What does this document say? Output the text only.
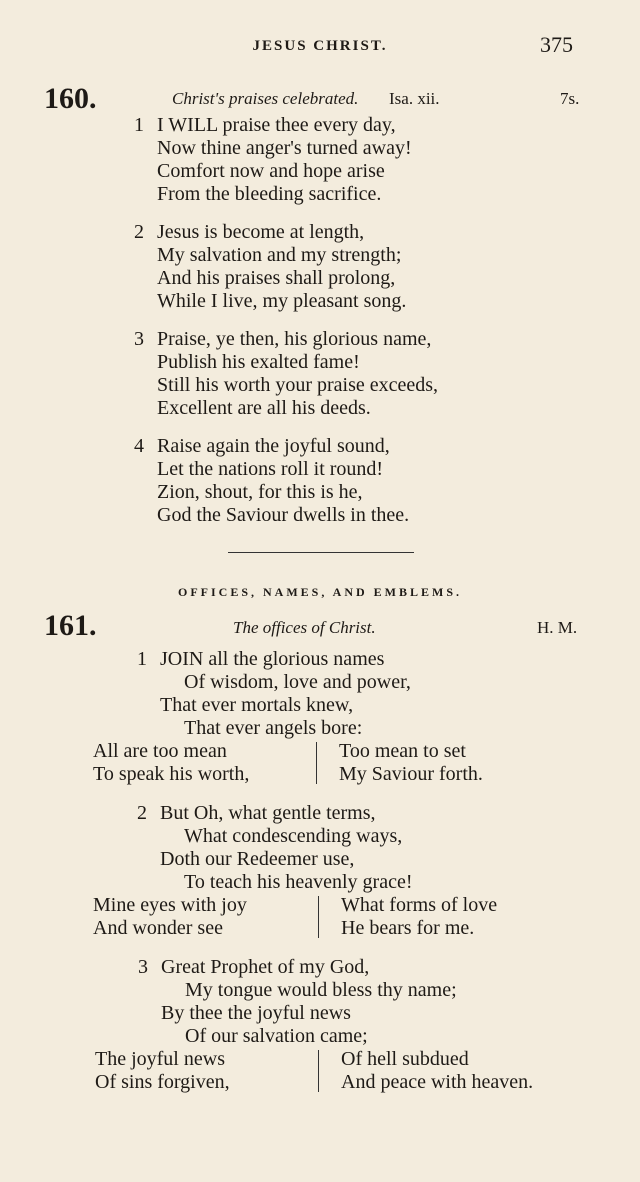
JESUS CHRIST.	375
160.	Christ's praises celebrated. Isa. xii.	7s.
1 I WILL praise thee every day,
Now thine anger's turned away!
Comfort now and hope arise
From the bleeding sacrifice.
2 Jesus is become at length,
My salvation and my strength;
And his praises shall prolong,
While I live, my pleasant song.
3 Praise, ye then, his glorious name,
Publish his exalted fame!
Still his worth your praise exceeds,
Excellent are all his deeds.
4 Raise again the joyful sound,
Let the nations roll it round!
Zion, shout, for this is he,
God the Saviour dwells in thee.
OFFICES, NAMES, AND EMBLEMS.
161.	The offices of Christ.	H. M.
1 JOIN all the glorious names
Of wisdom, love and power,
That ever mortals knew,
That ever angels bore:
All are too mean
To speak his worth,
Too mean to set
My Saviour forth.
2 But Oh, what gentle terms,
What condescending ways,
Doth our Redeemer use,
To teach his heavenly grace!
Mine eyes with joy
And wonder see
What forms of love
He bears for me.
3 Great Prophet of my God,
My tongue would bless thy name;
By thee the joyful news
Of our salvation came;
The joyful news
Of sins forgiven,
Of hell subdued
And peace with heaven.
